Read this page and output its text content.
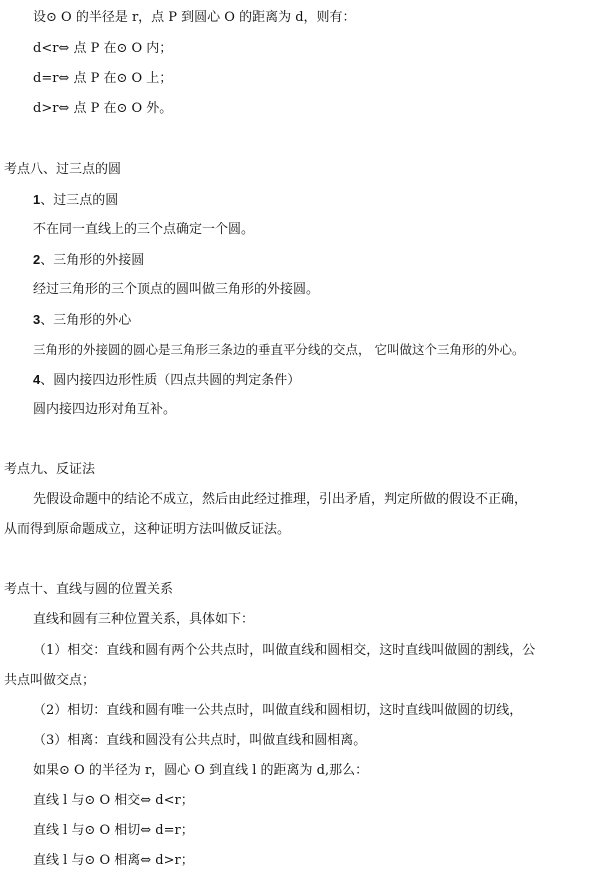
设⊙ O 的半径是 r，点 P 到圆心 O 的距离为 d，则有：
d<r⇔ 点 P 在⊙ O 内；
d=r⇔ 点 P 在⊙ O 上；
d>r⇔ 点 P 在⊙ O 外。
考点八、过三点的圆
1、过三点的圆
不在同一直线上的三个点确定一个圆。
2、三角形的外接圆
经过三角形的三个顶点的圆叫做三角形的外接圆。
3、三角形的外心
三角形的外接圆的圆心是三角形三条边的垂直平分线的交点， 它叫做这个三角形的外心。
4、圆内接四边形性质（四点共圆的判定条件）
圆内接四边形对角互补。
考点九、反证法
先假设命题中的结论不成立，然后由此经过推理，引出矛盾，判定所做的假设不正确，
从而得到原命题成立，这种证明方法叫做反证法。
考点十、直线与圆的位置关系
直线和圆有三种位置关系，具体如下：
（1）相交：直线和圆有两个公共点时，叫做直线和圆相交，这时直线叫做圆的割线，公
共点叫做交点；
（2）相切：直线和圆有唯一公共点时，叫做直线和圆相切，这时直线叫做圆的切线，
（3）相离：直线和圆没有公共点时，叫做直线和圆相离。
如果⊙ O 的半径为 r，圆心 O 到直线 l 的距离为 d,那么：
直线 l 与⊙ O 相交⇔ d<r；
直线 l 与⊙ O 相切⇔ d=r；
直线 l 与⊙ O 相离⇔ d>r；
